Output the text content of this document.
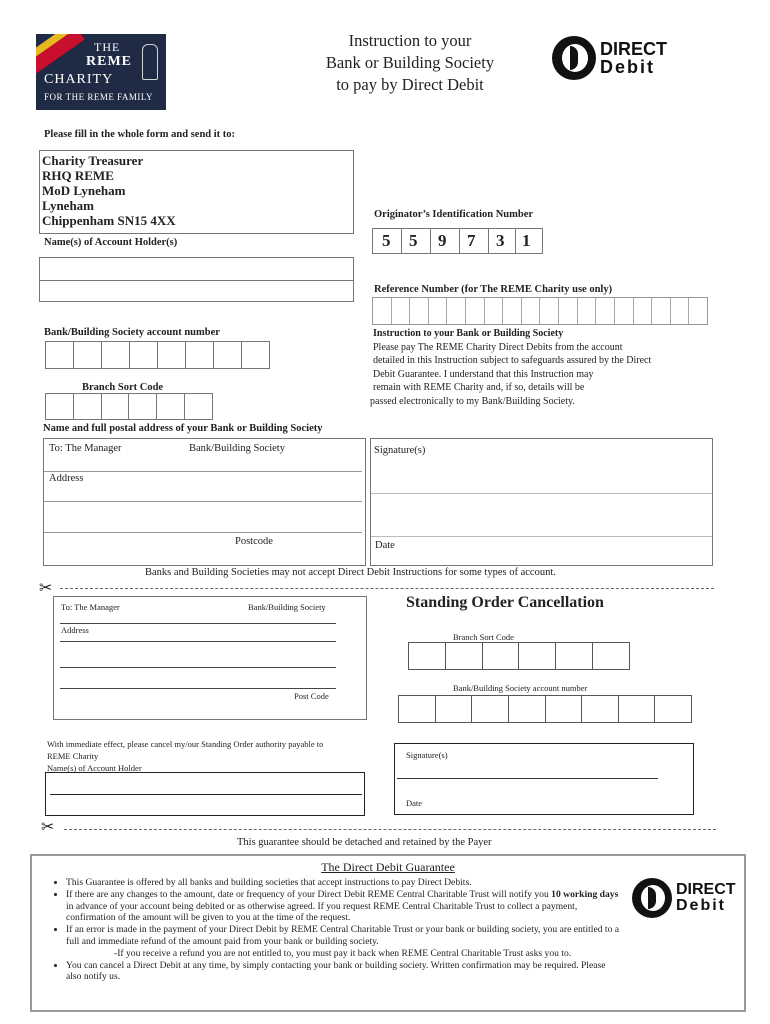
THE
REME
CHARITY
FOR THE REME FAMILY
Instruction to your
Bank or Building Society
to pay by Direct Debit
DIRECT
Debit
Please fill in the whole form and send it to:
Charity Treasurer
RHQ REME
MoD Lyneham
Lyneham
Chippenham SN15 4XX	Originator’s Identification Number
5 5 9 7 3 1
Name(s) of Account Holder(s)
Reference Number (for The REME Charity use only)
Bank/Building Society account number
Branch Sort Code
Instruction to your Bank or Building Society
Please pay The REME Charity Direct Debits from the account
detailed in this Instruction subject to safeguards assured by the Direct
Debit Guarantee. I understand that this Instruction may
remain with REME Charity and, if so, details will be
passed electronically to my Bank/Building Society.
Name and full postal address of your Bank or Building Society
To: The Manager	Bank/Building Society
Address
Postcode
Signature(s)
Date
Banks and Building Societies may not accept Direct Debit Instructions for some types of account.
✂
To: The Manager	Bank/Building Society
Address
Post Code
Standing Order Cancellation
Branch Sort Code
Bank/Building Society account number
With immediate effect, please cancel my/our Standing Order authority payable to
REME Charity
Name(s) of Account Holder
Signature(s)
Date
✂
This guarantee should be detached and retained by the Payer
The Direct Debit Guarantee
• This Guarantee is offered by all banks and building societies that accept instructions to pay Direct Debits.
• If there are any changes to the amount, date or frequency of your Direct Debit REME Central Charitable Trust will notify you 10 working days in advance of your account being debited or as otherwise agreed. If you request REME Central Charitable Trust to collect a payment, confirmation of the amount will be given to you at the time of the request.
• If an error is made in the payment of your Direct Debit by REME Central Charitable Trust or your bank or building society, you are entitled to a full and immediate refund of the amount paid from your bank or building society.
-If you receive a refund you are not entitled to, you must pay it back when REME Central Charitable Trust asks you to.
• You can cancel a Direct Debit at any time, by simply contacting your bank or building society. Written confirmation may be required. Please also notify us.
DIRECT
Debit
